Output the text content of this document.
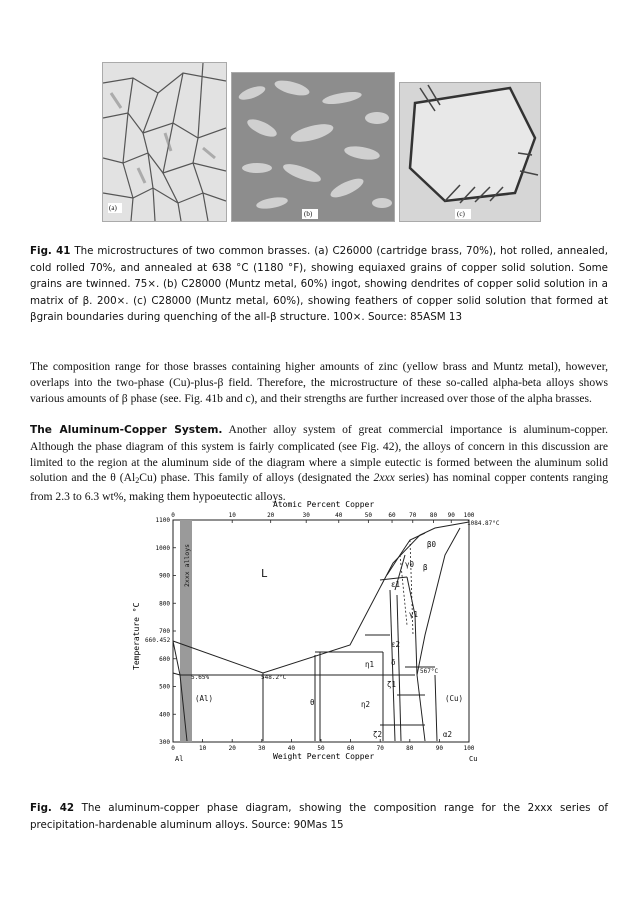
(a)
(b)	(c)
Fig. 41 The microstructures of two common brasses. (a) C26000 (cartridge brass, 70%), hot rolled, annealed, cold rolled 70%, and annealed at 638 °C (1180 °F), showing equiaxed grains of copper solid solution. Some grains are twinned. 75×. (b) C28000 (Muntz metal, 60%) ingot, showing dendrites of copper solid solution in a matrix of β. 200×. (c) C28000 (Muntz metal, 60%), showing feathers of copper solid solution that formed at βgrain boundaries during quenching of the all-β structure. 100×. Source: 85ASM 13

The composition range for those brasses containing higher amounts of zinc (yellow brass and Muntz metal), however, overlaps into the two-phase (Cu)-plus-β field. Therefore, the microstructure of these so-called alpha-beta alloys shows various amounts of β phase (see. Fig. 41b and c), and their strengths are further increased over those of the alpha brasses.

The Aluminum-Copper System. Another alloy system of great commercial importance is aluminum-copper. Although the phase diagram of this system is fairly complicated (see Fig. 42), the alloys of concern in this discussion are limited to the region at the aluminum side of the diagram where a simple eutectic is formed between the aluminum solid solution and the θ $(Al_2Cu)$ phase. This family of alloys (designated the 2xxx series) has nominal copper contents ranging from 2.3 to 6.3 wt%, making them hypoeutectic alloys.

2xxx alloys
Atomic Percent Copper
Weight Percent Copper
Temperature °C
Al	Cu
0	10	20	30	40	50	60	70	80	90	100
0	10	20	30	40	50	60 70 80 90 100
1100
1000
900
800
700
600
500
400
300
L
(Al)	(Cu)
660.452
1084.87°C
548.2°C
5.65%
567°C
θ
β
β0
γ0
γ1
ε1
ε2
η1
η2
ζ1
ζ2
δ
α2
Fig. 42 The aluminum-copper phase diagram, showing the composition range for the 2xxx series of precipitation-hardenable aluminum alloys. Source: 90Mas 15
